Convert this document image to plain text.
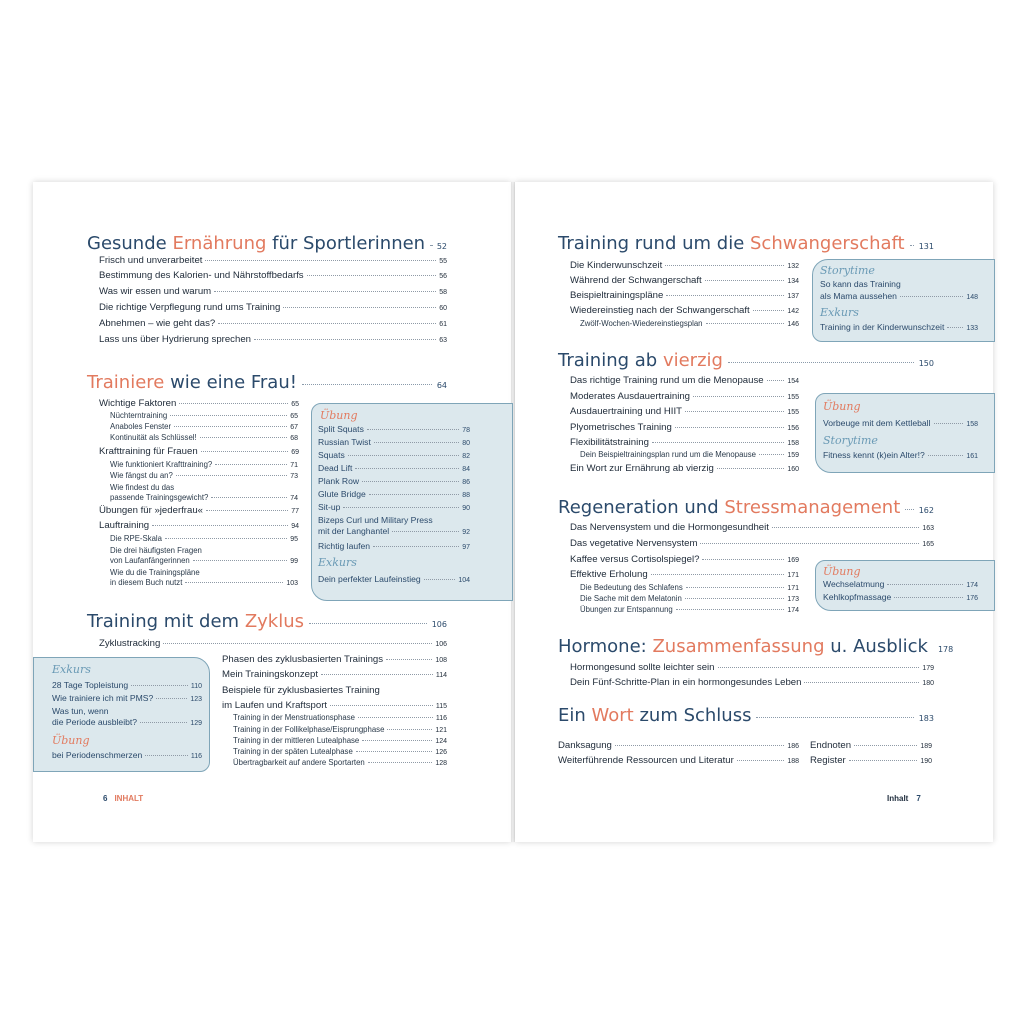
Gesunde Ernährung für Sportlerinnen 52
Frisch und unverarbeitet	55
Bestimmung des Kalorien- und Nährstoffbedarfs	56
Was wir essen und warum	58
Die richtige Verpflegung rund ums Training	60
Abnehmen – wie geht das?	61
Lass uns über Hydrierung sprechen	63
Trainiere wie eine Frau!	64
Wichtige Faktoren	65
Nüchterntraining	65
Anaboles Fenster	67
Kontinuität als Schlüssel!	68
Krafttraining für Frauen	69
Wie funktioniert Krafttraining?	71
Wie fängst du an?	73
Wie findest du das
passende Trainingsgewicht?	74
Übungen für »jederfrau«	77
Lauftraining	94
Die RPE-Skala	95
Die drei häufigsten Fragen
von Laufanfängerinnen	99
Wie du die Trainingspläne
in diesem Buch nutzt	103
Übung
Split Squats	78
Russian Twist	80
Squats	82
Dead Lift	84
Plank Row	86
Glute Bridge	88
Sit-up	90
Bizeps Curl und Military Press
mit der Langhantel	92
Richtig laufen	97
Exkurs
Dein perfekter Laufeinstieg	104
Training mit dem Zyklus	106
Zyklustracking	106
Phasen des zyklusbasierten Trainings	108
Mein Trainingskonzept	114
Beispiele für zyklusbasiertes Training
im Laufen und Kraftsport	115
Training in der Menstruationsphase	116
Training in der Follikelphase/Eisprungphase	121
Training in der mittleren Lutealphase	124
Training in der späten Lutealphase	126
Übertragbarkeit auf andere Sportarten	128
Exkurs
28 Tage Topleistung	110
Wie trainiere ich mit PMS?	123
Was tun, wenn
die Periode ausbleibt?	129
Übung
bei Periodenschmerzen	116
6 INHALT
Training rund um die Schwangerschaft 131
Die Kinderwunschzeit	132
Während der Schwangerschaft	134
Beispieltrainingspläne	137
Wiedereinstieg nach der Schwangerschaft	142
Zwölf-Wochen-Wiedereinstiegsplan	146
Storytime
So kann das Training
als Mama aussehen	148
Exkurs
Training in der Kinderwunschzeit	133
Training ab vierzig	150
Das richtige Training rund um die Menopause	154
Moderates Ausdauertraining	155
Ausdauertraining und HIIT	155
Plyometrisches Training	156
Flexibilitätstraining	158
Dein Beispieltrainingsplan rund um die Menopause	159
Ein Wort zur Ernährung ab vierzig	160
Übung
Vorbeuge mit dem Kettleball	158
Storytime
Fitness kennt (k)ein Alter!?	161
Regeneration und Stressmanagement 162
Das Nervensystem und die Hormongesundheit	163
Das vegetative Nervensystem	165
Kaffee versus Cortisolspiegel?	169
Effektive Erholung	171
Die Bedeutung des Schlafens	171
Die Sache mit dem Melatonin	173
Übungen zur Entspannung	174
Übung
Wechselatmung	174
Kehlkopfmassage	176
Hormone: Zusammenfassung u. Ausblick 178
Hormongesund sollte leichter sein	179
Dein Fünf-Schritte-Plan in ein hormongesundes Leben	180
Ein Wort zum Schluss	183
Danksagung	186
Weiterführende Ressourcen und Literatur	188
Endnoten	189
Register	190
Inhalt 7
